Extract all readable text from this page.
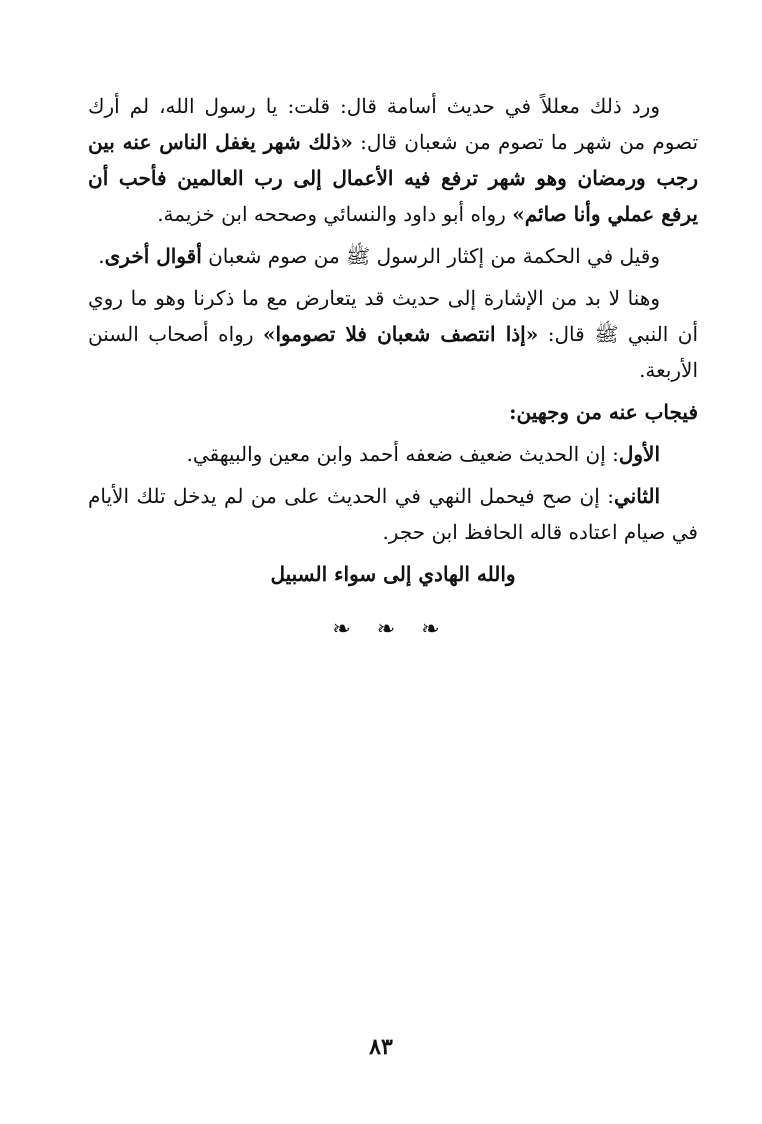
ورد ذلك معللاً في حديث أسامة قال: قلت: يا رسول الله، لم أرك تصوم من شهر ما تصوم من شعبان قال: «ذلك شهر يغفل الناس عنه بين رجب ورمضان وهو شهر ترفع فيه الأعمال إلى رب العالمين فأحب أن يرفع عملي وأنا صائم» رواه أبو داود والنسائي وصححه ابن خزيمة.

وقيل في الحكمة من إكثار الرسول ﷺ من صوم شعبان أقوال أخرى.

وهنا لا بد من الإشارة إلى حديث قد يتعارض مع ما ذكرنا وهو ما روي أن النبي ﷺ قال: «إذا انتصف شعبان فلا تصوموا» رواه أصحاب السنن الأربعة.

فيجاب عنه من وجهين:

الأول: إن الحديث ضعيف ضعفه أحمد وابن معين والبيهقي.

الثاني: إن صح فيحمل النهي في الحديث على من لم يدخل تلك الأيام في صيام اعتاده قاله الحافظ ابن حجر.

والله الهادي إلى سواء السبيل

❧ ❧ ❧
٨٣
